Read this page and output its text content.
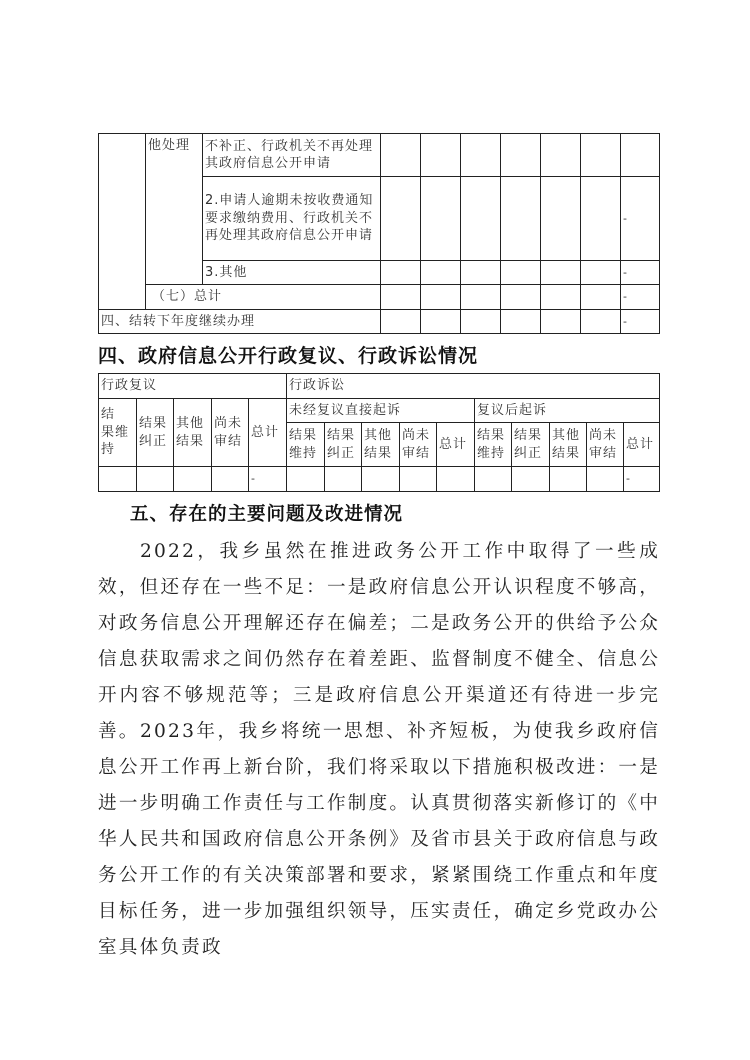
	他处理	不补正、行政机关不再处理其政府信息公开申请							
		2.申请人逾期未按收费通知要求缴纳费用、行政机关不再处理其政府信息公开申请							-
		3.其他							-
	（七）总计								-
四、结转下年度继续办理									-
四、政府信息公开行政复议、行政诉讼情况
行政复议					行政诉讼									
结 果维持	结果纠正	其他结果	尚未审结	总计	未经复议直接起诉					复议后起诉				
					结果维持	结果纠正	其他结果	尚未审结	总计	结果维持	结果纠正	其他结果	尚未审结	总计
				-										-
五、存在的主要问题及改进情况

2022，我乡虽然在推进政务公开工作中取得了一些成效，但还存在一些不足：一是政府信息公开认识程度不够高，对政务信息公开理解还存在偏差；二是政务公开的供给予公众信息获取需求之间仍然存在着差距、监督制度不健全、信息公开内容不够规范等；三是政府信息公开渠道还有待进一步完善。 2023年，我乡将统一思想、补齐短板，为使我乡政府信息公开工作再上新台阶，我们将采取以下措施积极改进：一是进一步明确工作责任与工作制度。认真贯彻落实新修订的《中华人民共和国政府信息公开条例》及省市县关于政府信息与政务公开工作的有关决策部署和要求，紧紧围绕工作重点和年度目标任务，进一步加强组织领导，压实责任，确定乡党政办公室具体负责政
